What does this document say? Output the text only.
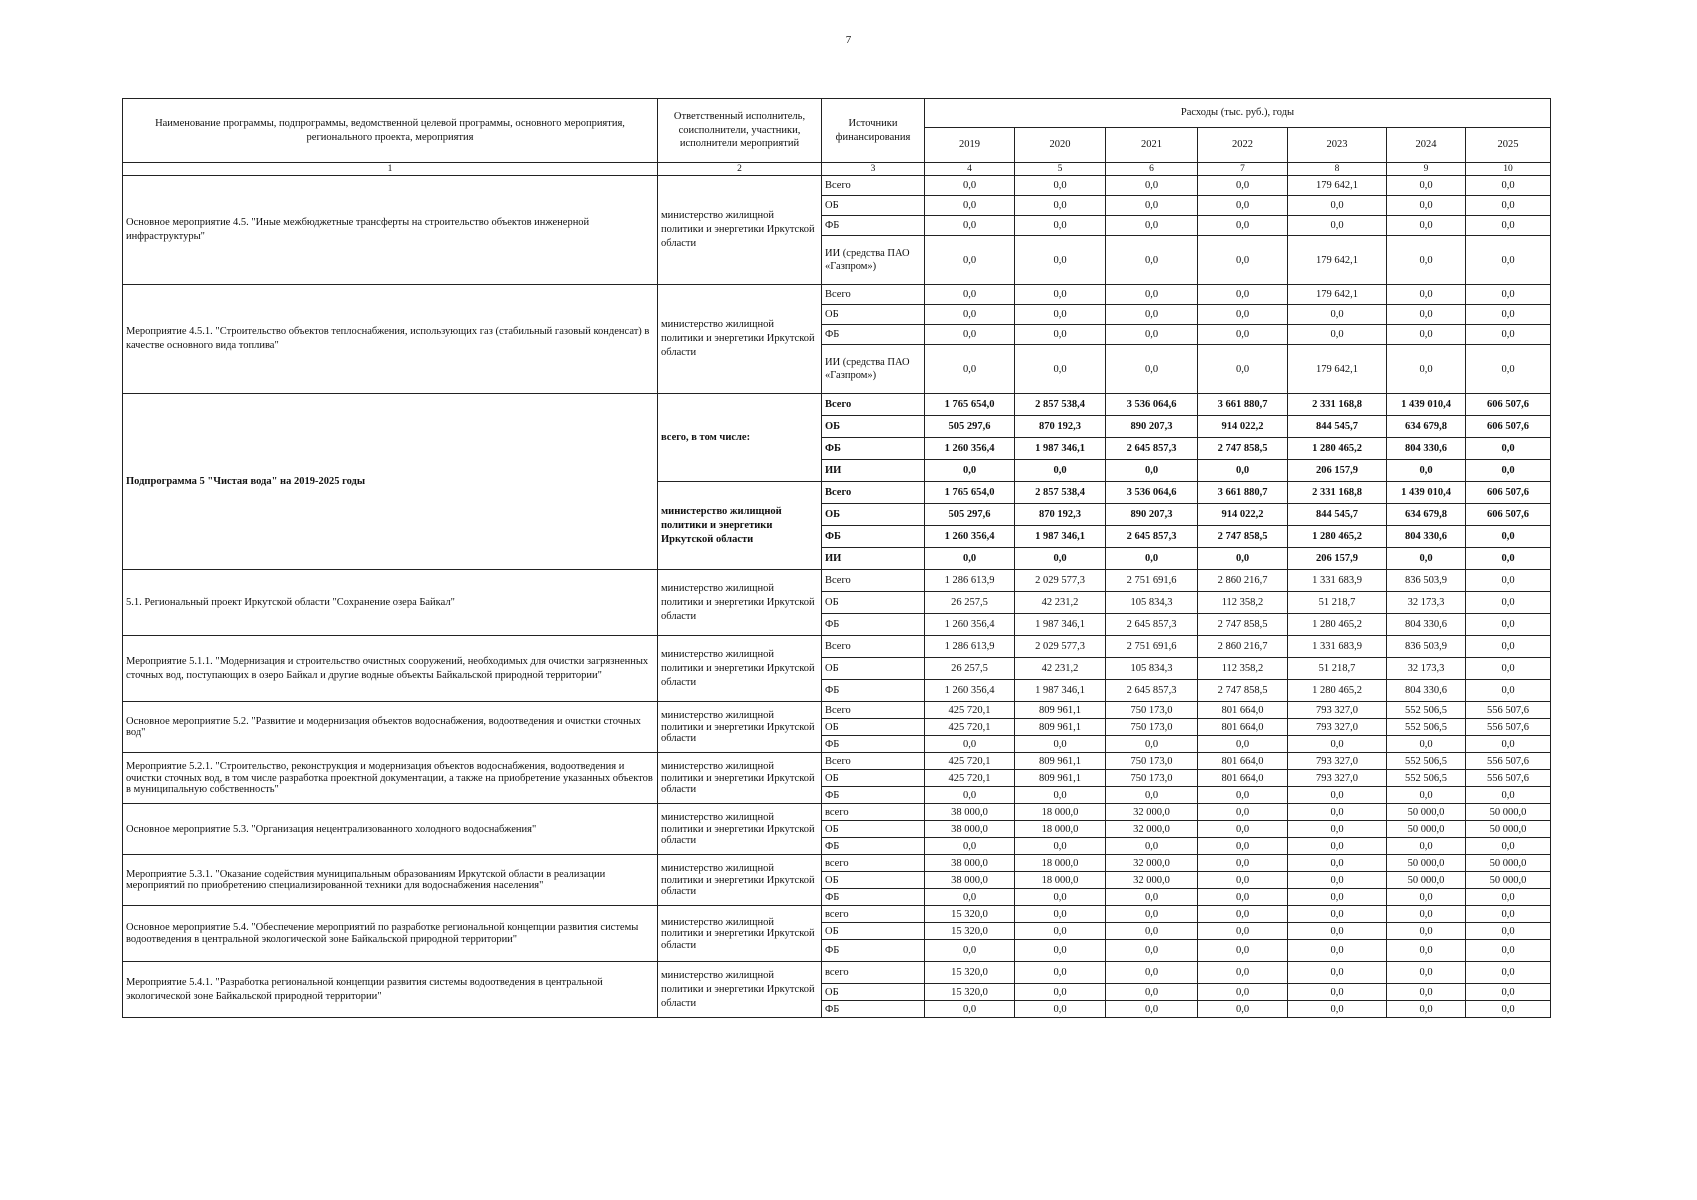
7
Наименование программы, подпрограммы, ведомственной целевой программы, основного мероприятия, регионального проекта, мероприятия	Ответственный исполнитель, соисполнители, участники, исполнители мероприятий	Источники финансирования	Расходы (тыс. руб.), годы						
			2019	2020	2021	2022	2023	2024	2025
1	2	3	4	5	6	7	8	9	10
Основное мероприятие 4.5. "Иные межбюджетные трансферты на строительство объектов инженерной инфраструктуры"	министерство жилищной политики и энергетики Иркутской области	Всего	0,0	0,0	0,0	0,0	179 642,1	0,0	0,0
		ОБ	0,0	0,0	0,0	0,0	0,0	0,0	0,0
		ФБ	0,0	0,0	0,0	0,0	0,0	0,0	0,0
		ИИ (средства ПАО «Газпром»)	0,0	0,0	0,0	0,0	179 642,1	0,0	0,0
Мероприятие 4.5.1. "Строительство объектов теплоснабжения, использующих газ (стабильный газовый конденсат) в качестве основного вида топлива"	министерство жилищной политики и энергетики Иркутской области	Всего	0,0	0,0	0,0	0,0	179 642,1	0,0	0,0
		ОБ	0,0	0,0	0,0	0,0	0,0	0,0	0,0
		ФБ	0,0	0,0	0,0	0,0	0,0	0,0	0,0
		ИИ (средства ПАО «Газпром»)	0,0	0,0	0,0	0,0	179 642,1	0,0	0,0
Подпрограмма 5 "Чистая вода" на 2019-2025 годы	всего, в том числе:	Всего	1 765 654,0	2 857 538,4	3 536 064,6	3 661 880,7	2 331 168,8	1 439 010,4	606 507,6
		ОБ	505 297,6	870 192,3	890 207,3	914 022,2	844 545,7	634 679,8	606 507,6
		ФБ	1 260 356,4	1 987 346,1	2 645 857,3	2 747 858,5	1 280 465,2	804 330,6	0,0
		ИИ	0,0	0,0	0,0	0,0	206 157,9	0,0	0,0
	министерство жилищной политики и энергетики Иркутской области	Всего	1 765 654,0	2 857 538,4	3 536 064,6	3 661 880,7	2 331 168,8	1 439 010,4	606 507,6
		ОБ	505 297,6	870 192,3	890 207,3	914 022,2	844 545,7	634 679,8	606 507,6
		ФБ	1 260 356,4	1 987 346,1	2 645 857,3	2 747 858,5	1 280 465,2	804 330,6	0,0
		ИИ	0,0	0,0	0,0	0,0	206 157,9	0,0	0,0
5.1. Региональный проект Иркутской области "Сохранение озера Байкал"	министерство жилищной политики и энергетики Иркутской области	Всего	1 286 613,9	2 029 577,3	2 751 691,6	2 860 216,7	1 331 683,9	836 503,9	0,0
		ОБ	26 257,5	42 231,2	105 834,3	112 358,2	51 218,7	32 173,3	0,0
		ФБ	1 260 356,4	1 987 346,1	2 645 857,3	2 747 858,5	1 280 465,2	804 330,6	0,0
Мероприятие 5.1.1. "Модернизация и строительство очистных сооружений, необходимых для очистки загрязненных сточных вод, поступающих в озеро Байкал и другие водные объекты Байкальской природной территории"	министерство жилищной политики и энергетики Иркутской области	Всего	1 286 613,9	2 029 577,3	2 751 691,6	2 860 216,7	1 331 683,9	836 503,9	0,0
		ОБ	26 257,5	42 231,2	105 834,3	112 358,2	51 218,7	32 173,3	0,0
		ФБ	1 260 356,4	1 987 346,1	2 645 857,3	2 747 858,5	1 280 465,2	804 330,6	0,0
Основное мероприятие 5.2. "Развитие и модернизация объектов водоснабжения, водоотведения и очистки сточных вод"	министерство жилищной политики и энергетики Иркутской области	Всего	425 720,1	809 961,1	750 173,0	801 664,0	793 327,0	552 506,5	556 507,6
		ОБ	425 720,1	809 961,1	750 173,0	801 664,0	793 327,0	552 506,5	556 507,6
		ФБ	0,0	0,0	0,0	0,0	0,0	0,0	0,0
Мероприятие 5.2.1. "Строительство, реконструкция и модернизация объектов водоснабжения, водоотведения и очистки сточных вод, в том числе разработка проектной документации, а также на приобретение указанных объектов в муниципальную собственность"	министерство жилищной политики и энергетики Иркутской области	Всего	425 720,1	809 961,1	750 173,0	801 664,0	793 327,0	552 506,5	556 507,6
		ОБ	425 720,1	809 961,1	750 173,0	801 664,0	793 327,0	552 506,5	556 507,6
		ФБ	0,0	0,0	0,0	0,0	0,0	0,0	0,0
Основное мероприятие 5.3. "Организация нецентрализованного холодного водоснабжения"	министерство жилищной политики и энергетики Иркутской области	всего	38 000,0	18 000,0	32 000,0	0,0	0,0	50 000,0	50 000,0
		ОБ	38 000,0	18 000,0	32 000,0	0,0	0,0	50 000,0	50 000,0
		ФБ	0,0	0,0	0,0	0,0	0,0	0,0	0,0
Мероприятие 5.3.1. "Оказание содействия муниципальным образованиям Иркутской области в реализации мероприятий по приобретению специализированной техники для водоснабжения населения"	министерство жилищной политики и энергетики Иркутской области	всего	38 000,0	18 000,0	32 000,0	0,0	0,0	50 000,0	50 000,0
		ОБ	38 000,0	18 000,0	32 000,0	0,0	0,0	50 000,0	50 000,0
		ФБ	0,0	0,0	0,0	0,0	0,0	0,0	0,0
Основное мероприятие 5.4. "Обеспечение мероприятий по разработке региональной концепции развития системы водоотведения в центральной экологической зоне Байкальской природной территории"	министерство жилищной политики и энергетики Иркутской области	всего	15 320,0	0,0	0,0	0,0	0,0	0,0	0,0
		ОБ	15 320,0	0,0	0,0	0,0	0,0	0,0	0,0
		ФБ	0,0	0,0	0,0	0,0	0,0	0,0	0,0
Мероприятие 5.4.1. "Разработка региональной концепции развития системы водоотведения в центральной экологической зоне Байкальской природной территории"	министерство жилищной политики и энергетики Иркутской области	всего	15 320,0	0,0	0,0	0,0	0,0	0,0	0,0
		ОБ	15 320,0	0,0	0,0	0,0	0,0	0,0	0,0
		ФБ	0,0	0,0	0,0	0,0	0,0	0,0	0,0
